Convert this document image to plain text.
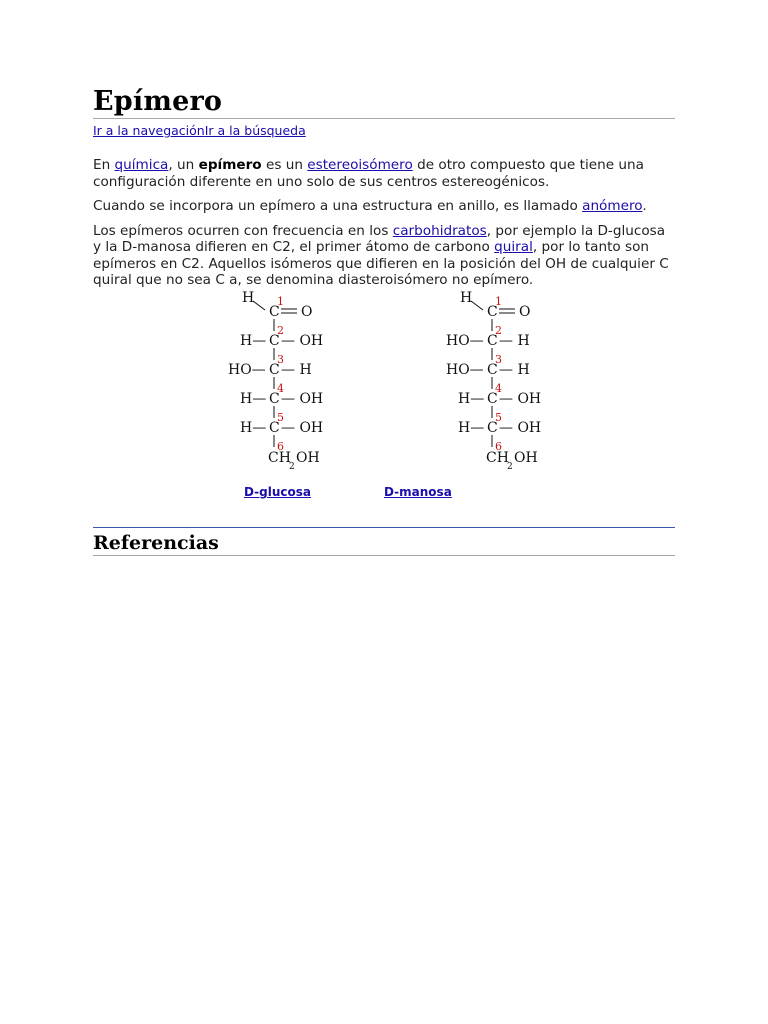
Epímero
Ir a la navegaciónIr a la búsqueda

En química, un epímero es un estereoisómero de otro compuesto que tiene una configuración diferente en uno solo de sus centros estereogénicos.

Cuando se incorpora un epímero a una estructura en anillo, es llamado anómero.

Los epímeros ocurren con frecuencia en los carbohidratos, por ejemplo la D-glucosa y la D-manosa difieren en C2, el primer átomo de carbono quiral, por lo tanto son epímeros en C2. Aquellos isómeros que difieren en la posición del OH de cualquier C quiral que no sea C a, se denomina diasteroisómero no epímero.

H 1
C O
2
H— C — OH
3
HO— C — H
4
H— C — OH
5
H— C — OH
6
CH
2
OH
H 1
C O
2
HO— C — H
3
HO— C — H
4
H— C — OH
5
H— C — OH
6
CH
2
OH
D-glucosa	D-manosa
Referencias
